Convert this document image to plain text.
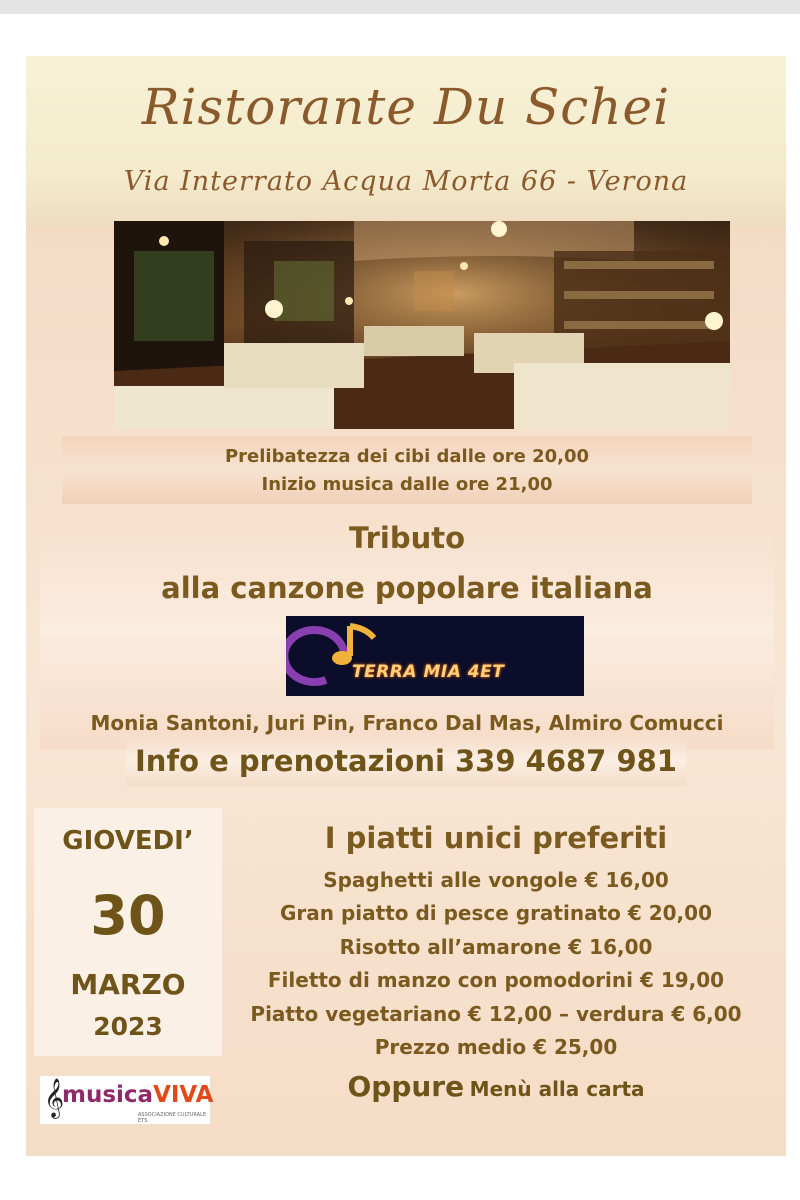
Ristorante Du Schei
Via Interrato Acqua Morta 66 - Verona
Prelibatezza dei cibi dalle ore 20,00
Inizio musica dalle ore 21,00
Tributo
alla canzone popolare italiana
TERRA MIA 4ET
Monia Santoni, Juri Pin, Franco Dal Mas, Almiro Comucci
Info e prenotazioni 339 4687 981
GIOVEDI’
30
MARZO
2023
I piatti unici preferiti
Spaghetti alle vongole € 16,00
Gran piatto di pesce gratinato € 20,00
Risotto all’amarone € 16,00
Filetto di manzo con pomodorini € 19,00
Piatto vegetariano € 12,00 – verdura € 6,00
Prezzo medio € 25,00
Oppure Menù alla carta
𝄞
musicaVIVA
ASSOCIAZIONE CULTURALE ETS
